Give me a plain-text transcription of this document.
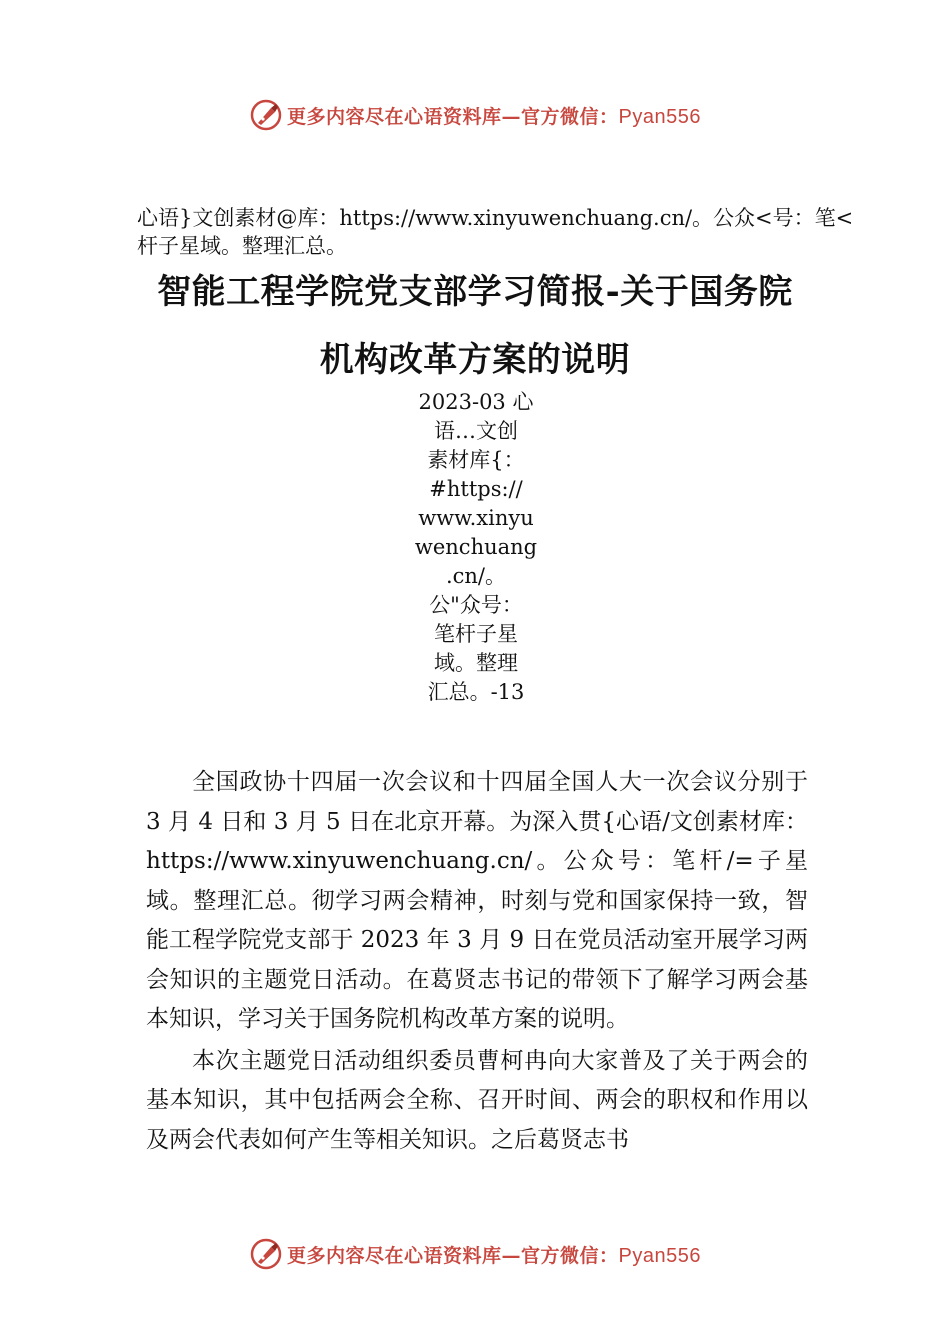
更多内容尽在心语资料库—官方微信：Pyan556
心语}文创素材@库：https://www.xinyuwenchuang.cn/。公众<号：笔<杆子星域。整理汇总。
智能工程学院党支部学习简报-关于国务院
机构改革方案的说明
2023-03 心
语…文创
素材库{：
#https://
www.xinyu
wenchuang
.cn/。
公"众号：
笔杆子星
域。整理
汇总。-13

全国政协十四届一次会议和十四届全国人大一次会议分别于 3 月 4 日和 3 月 5 日在北京开幕。为深入贯{心语/文创素材库：https://www.xinyuwenchuang.cn/。公众号：笔杆/=子星域。整理汇总。彻学习两会精神，时刻与党和国家保持一致，智能工程学院党支部于 2023 年 3 月 9 日在党员活动室开展学习两会知识的主题党日活动。在葛贤志书记的带领下了解学习两会基本知识，学习关于国务院机构改革方案的说明。

本次主题党日活动组织委员曹柯冉向大家普及了关于两会的基本知识，其中包括两会全称、召开时间、两会的职权和作用以及两会代表如何产生等相关知识。之后葛贤志书

更多内容尽在心语资料库—官方微信：Pyan556
